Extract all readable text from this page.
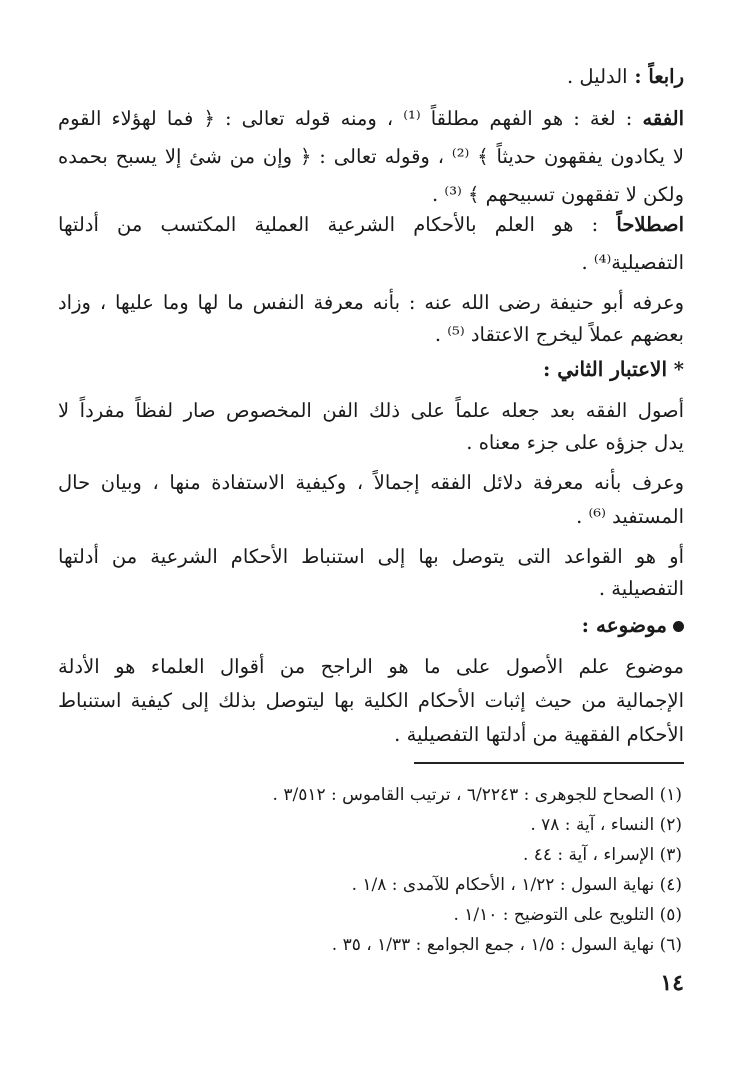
رابعاً : الدليل .
الفقه : لغة : هو الفهم مطلقاً ⁽¹⁾ ، ومنه قوله تعالى : ﴿ فما لهؤلاء القوم
لا يكادون يفقهون حديثاً ﴾ ⁽²⁾ ، وقوله تعالى : ﴿ وإن من شئ إلا يسبح بحمده
ولكن لا تفقهون تسبيحهم ﴾ ⁽³⁾ .
اصطلاحاً : هو العلم بالأحكام الشرعية العملية المكتسب من أدلتها
التفصيلية⁽⁴⁾ .
وعرفه أبو حنيفة رضى الله عنه : بأنه معرفة النفس ما لها وما عليها ، وزاد
بعضهم عملاً ليخرج الاعتقاد ⁽⁵⁾ .
* الاعتبار الثاني :
أصول الفقه بعد جعله علماً على ذلك الفن المخصوص صار لفظاً مفرداً لا
يدل جزؤه على جزء معناه .
وعرف بأنه معرفة دلائل الفقه إجمالاً ، وكيفية الاستفادة منها ، وبيان حال
المستفيد ⁽⁶⁾ .
أو هو القواعد التى يتوصل بها إلى استنباط الأحكام الشرعية من أدلتها
التفصيلية .
موضوعه :
موضوع علم الأصول على ما هو الراجح من أقوال العلماء هو الأدلة
الإجمالية من حيث إثبات الأحكام الكلية بها ليتوصل بذلك إلى كيفية استنباط
الأحكام الفقهية من أدلتها التفصيلية .
(١) الصحاح للجوهرى : ٦/٢٢٤٣ ، ترتيب القاموس : ٣/٥١٢ .
(٢) النساء ، آية : ٧٨ .
(٣) الإسراء ، آية : ٤٤ .
(٤) نهاية السول : ١/٢٢ ، الأحكام للآمدى : ١/٨ .
(٥) التلويح على التوضيح : ١/١٠ .
(٦) نهاية السول : ١/٥ ، جمع الجوامع : ١/٣٣ ، ٣٥ .
١٤
